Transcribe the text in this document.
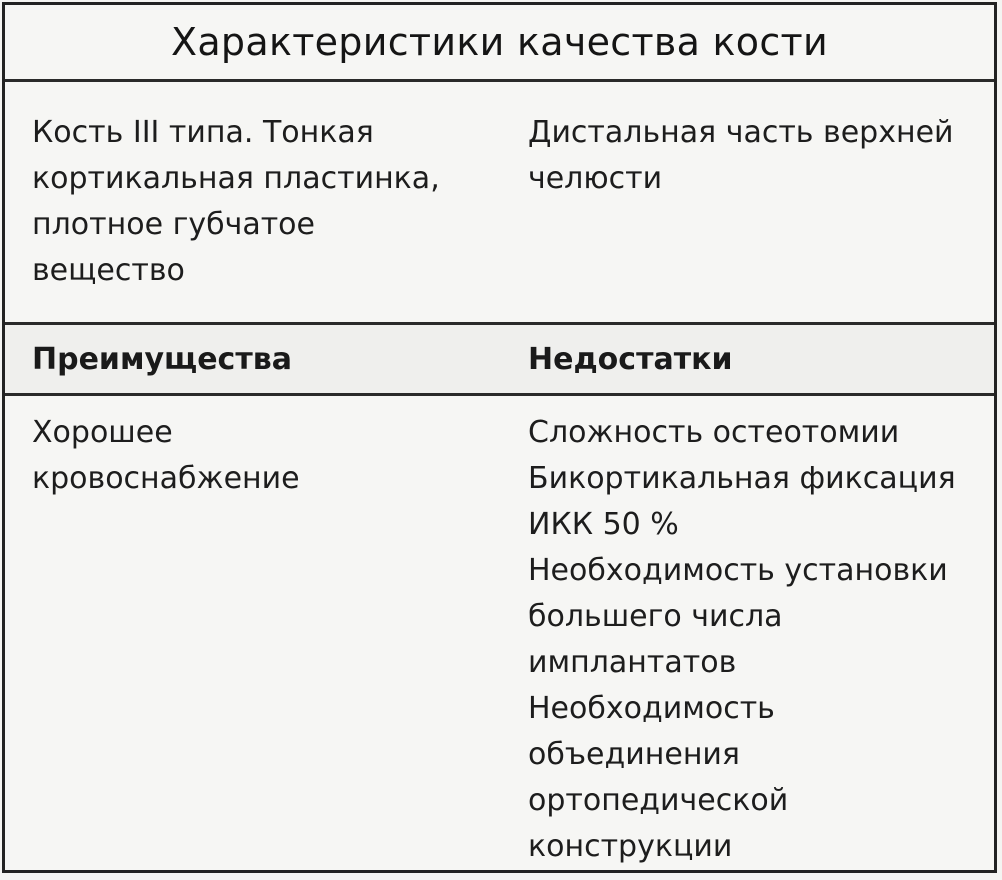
Характеристики качества кости
Кость III типа. Тонкая
кортикальная пластинка,
плотное губчатое
вещество
Дистальная часть верхней
челюсти
Преимущества	Недостатки
Хорошее
кровоснабжение
Сложность остеотомии
Бикортикальная фиксация
ИКК 50 %
Необходимость установки
большего числа
имплантатов
Необходимость
объединения
ортопедической
конструкции
